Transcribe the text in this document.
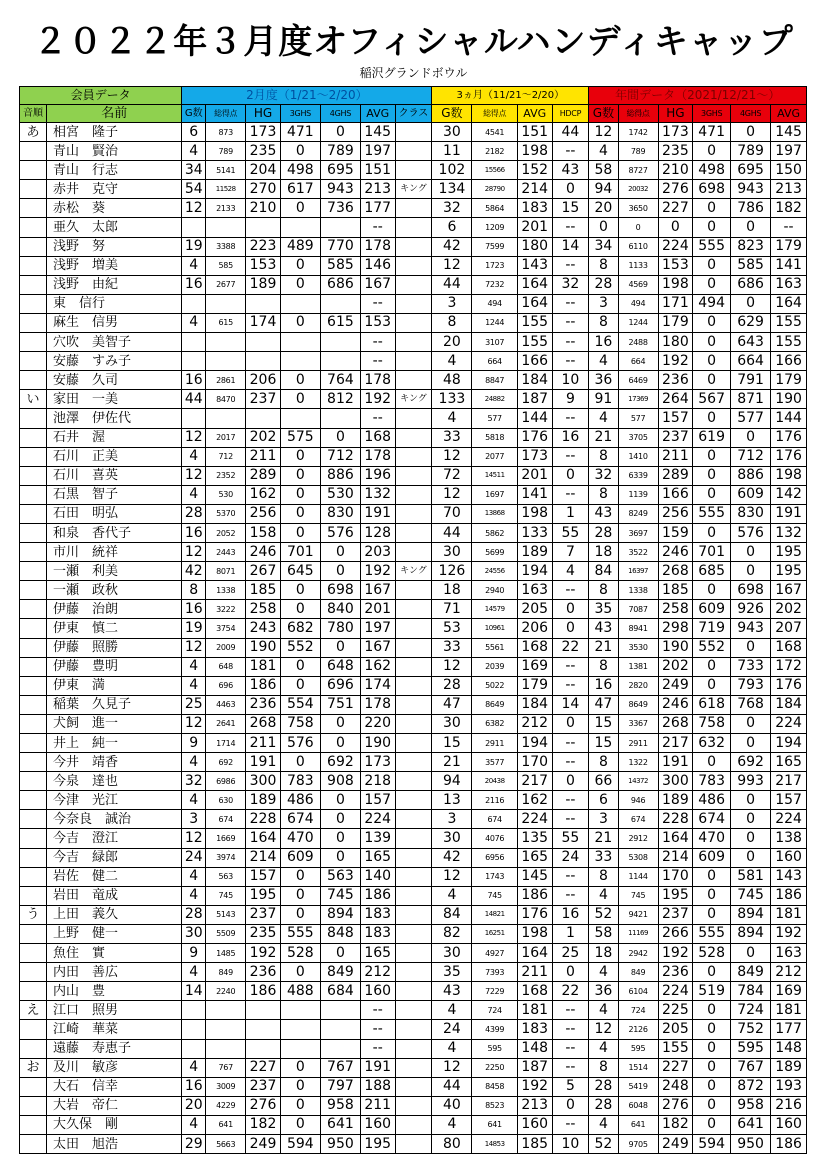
２０２２年３月度オフィシャルハンディキャップ
稲沢グランドボウル
会員データ		2月度（1/21～2/20）							3ヵ月（11/21～2/20）				年間データ（2021/12/21～）					
音順	名前	G数	総得点	HG	3GHS	4GHS	AVG	クラス	G数	総得点	AVG	HDCP	G数	総得点	HG	3GHS	4GHS	AVG
あ	相宮　隆子	6	873	173	471	0	145		30	4541	151	44	12	1742	173	471	0	145
	青山　賢治	4	789	235	0	789	197		11	2182	198	--	4	789	235	0	789	197
	青山　行志	34	5141	204	498	695	151		102	15566	152	43	58	8727	210	498	695	150
	赤井　克守	54	11528	270	617	943	213	キング	134	28790	214	0	94	20032	276	698	943	213
	赤松　葵	12	2133	210	0	736	177		32	5864	183	15	20	3650	227	0	786	182
	亜久　太郎						--		6	1209	201	--	0	0	0	0	0	--
	浅野　努	19	3388	223	489	770	178		42	7599	180	14	34	6110	224	555	823	179
	浅野　増美	4	585	153	0	585	146		12	1723	143	--	8	1133	153	0	585	141
	浅野　由紀	16	2677	189	0	686	167		44	7232	164	32	28	4569	198	0	686	163
	東　信行						--		3	494	164	--	3	494	171	494	0	164
	麻生　信男	4	615	174	0	615	153		8	1244	155	--	8	1244	179	0	629	155
	穴吹　美智子						--		20	3107	155	--	16	2488	180	0	643	155
	安藤　すみ子						--		4	664	166	--	4	664	192	0	664	166
	安藤　久司	16	2861	206	0	764	178		48	8847	184	10	36	6469	236	0	791	179
い	家田　一美	44	8470	237	0	812	192	キング	133	24882	187	9	91	17369	264	567	871	190
	池澤　伊佐代						--		4	577	144	--	4	577	157	0	577	144
	石井　渥	12	2017	202	575	0	168		33	5818	176	16	21	3705	237	619	0	176
	石川　正美	4	712	211	0	712	178		12	2077	173	--	8	1410	211	0	712	176
	石川　喜英	12	2352	289	0	886	196		72	14511	201	0	32	6339	289	0	886	198
	石黒　智子	4	530	162	0	530	132		12	1697	141	--	8	1139	166	0	609	142
	石田　明弘	28	5370	256	0	830	191		70	13868	198	1	43	8249	256	555	830	191
	和泉　香代子	16	2052	158	0	576	128		44	5862	133	55	28	3697	159	0	576	132
	市川　統祥	12	2443	246	701	0	203		30	5699	189	7	18	3522	246	701	0	195
	一瀬　利美	42	8071	267	645	0	192	キング	126	24556	194	4	84	16397	268	685	0	195
	一瀬　政秋	8	1338	185	0	698	167		18	2940	163	--	8	1338	185	0	698	167
	伊藤　治朗	16	3222	258	0	840	201		71	14579	205	0	35	7087	258	609	926	202
	伊東　慎二	19	3754	243	682	780	197		53	10961	206	0	43	8941	298	719	943	207
	伊藤　照勝	12	2009	190	552	0	167		33	5561	168	22	21	3530	190	552	0	168
	伊藤　豊明	4	648	181	0	648	162		12	2039	169	--	8	1381	202	0	733	172
	伊東　満	4	696	186	0	696	174		28	5022	179	--	16	2820	249	0	793	176
	稲葉　久見子	25	4463	236	554	751	178		47	8649	184	14	47	8649	246	618	768	184
	犬飼　進一	12	2641	268	758	0	220		30	6382	212	0	15	3367	268	758	0	224
	井上　純一	9	1714	211	576	0	190		15	2911	194	--	15	2911	217	632	0	194
	今井　靖香	4	692	191	0	692	173		21	3577	170	--	8	1322	191	0	692	165
	今泉　達也	32	6986	300	783	908	218		94	20438	217	0	66	14372	300	783	993	217
	今津　光江	4	630	189	486	0	157		13	2116	162	--	6	946	189	486	0	157
	今奈良　誠治	3	674	228	674	0	224		3	674	224	--	3	674	228	674	0	224
	今吉　澄江	12	1669	164	470	0	139		30	4076	135	55	21	2912	164	470	0	138
	今吉　緑郎	24	3974	214	609	0	165		42	6956	165	24	33	5308	214	609	0	160
	岩佐　健二	4	563	157	0	563	140		12	1743	145	--	8	1144	170	0	581	143
	岩田　竜成	4	745	195	0	745	186		4	745	186	--	4	745	195	0	745	186
う	上田　義久	28	5143	237	0	894	183		84	14821	176	16	52	9421	237	0	894	181
	上野　健一	30	5509	235	555	848	183		82	16251	198	1	58	11169	266	555	894	192
	魚住　實	9	1485	192	528	0	165		30	4927	164	25	18	2942	192	528	0	163
	内田　善広	4	849	236	0	849	212		35	7393	211	0	4	849	236	0	849	212
	内山　豊	14	2240	186	488	684	160		43	7229	168	22	36	6104	224	519	784	169
え	江口　照男						--		4	724	181	--	4	724	225	0	724	181
	江崎　華菜						--		24	4399	183	--	12	2126	205	0	752	177
	遠藤　寿恵子						--		4	595	148	--	4	595	155	0	595	148
お	及川　敏彦	4	767	227	0	767	191		12	2250	187	--	8	1514	227	0	767	189
	大石　信幸	16	3009	237	0	797	188		44	8458	192	5	28	5419	248	0	872	193
	大岩　帝仁	20	4229	276	0	958	211		40	8523	213	0	28	6048	276	0	958	216
	大久保　剛	4	641	182	0	641	160		4	641	160	--	4	641	182	0	641	160
	太田　旭浩	29	5663	249	594	950	195		80	14853	185	10	52	9705	249	594	950	186
